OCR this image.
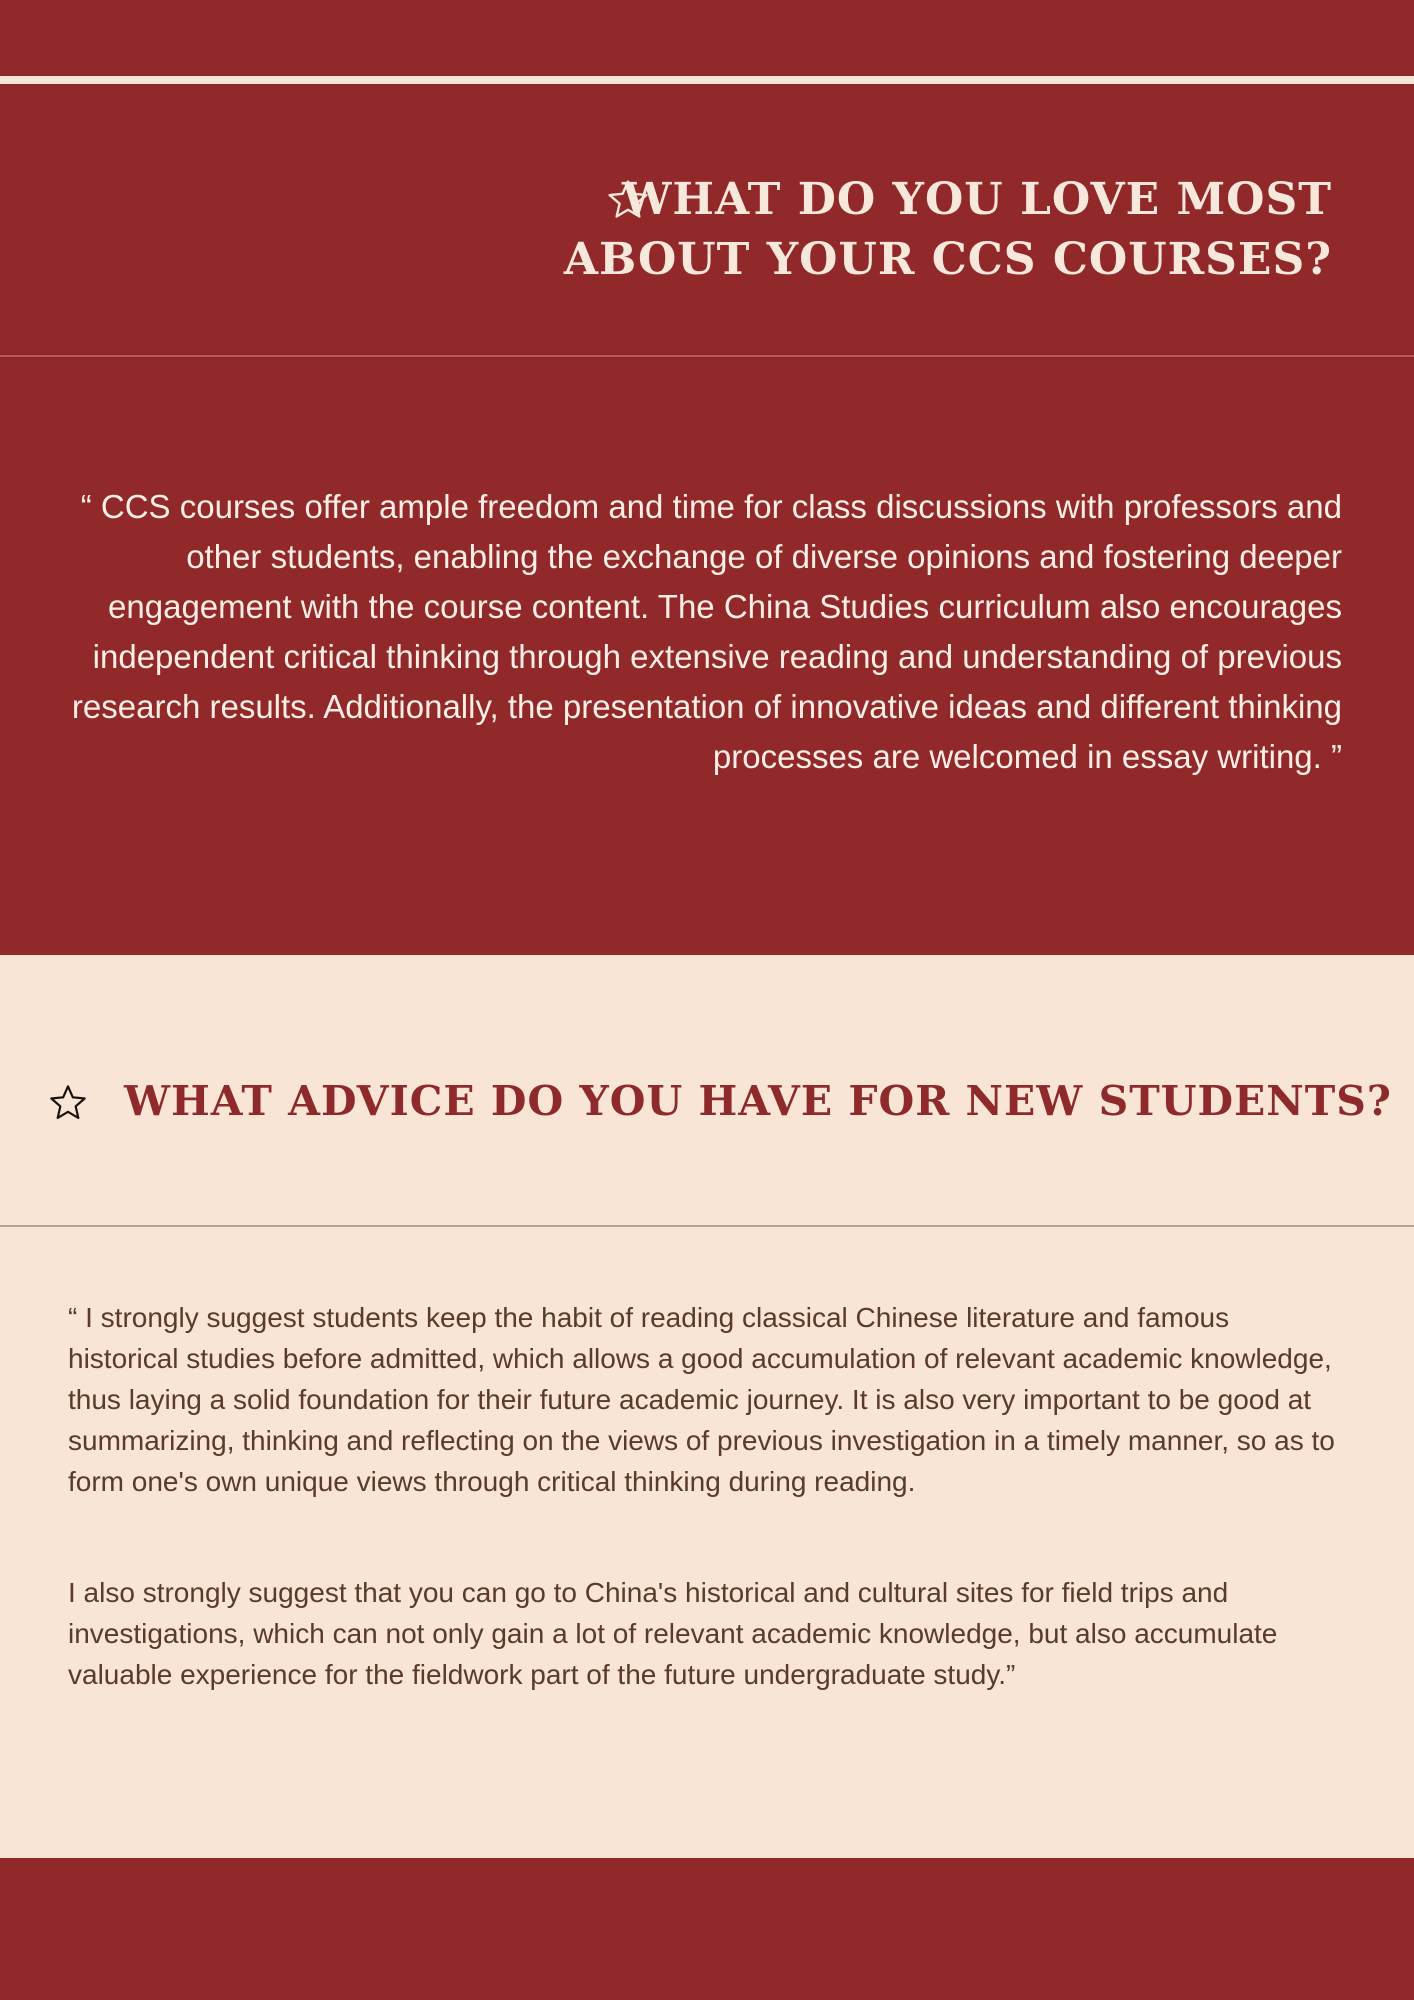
WHAT DO YOU LOVE MOST

ABOUT YOUR CCS COURSES?

“ CCS courses offer ample freedom and time for class discussions with professors and other students, enabling the exchange of diverse opinions and fostering deeper engagement with the course content. The China Studies curriculum also encourages independent critical thinking through extensive reading and understanding of previous research results. Additionally, the presentation of innovative ideas and different thinking processes are welcomed in essay writing. ”

WHAT ADVICE DO YOU HAVE FOR NEW STUDENTS?

“ I strongly suggest students keep the habit of reading classical Chinese literature and famous historical studies before admitted, which allows a good accumulation of relevant academic knowledge, thus laying a solid foundation for their future academic journey. It is also very important to be good at summarizing, thinking and reflecting on the views of previous investigation in a timely manner, so as to form one's own unique views through critical thinking during reading.

I also strongly suggest that you can go to China's historical and cultural sites for field trips and investigations, which can not only gain a lot of relevant academic knowledge, but also accumulate valuable experience for the fieldwork part of the future undergraduate study.”
